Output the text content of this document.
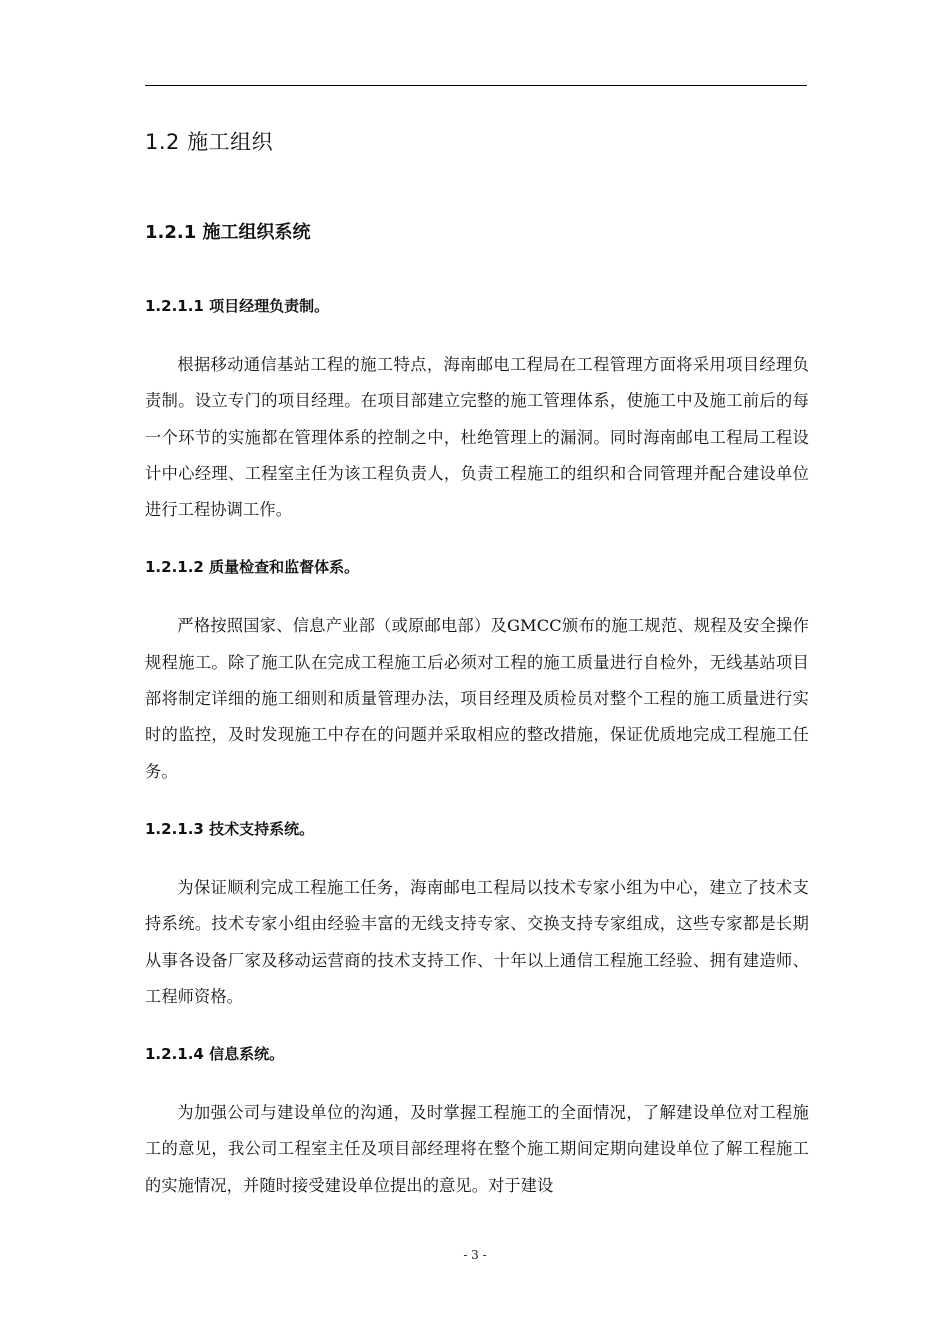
1.2 施工组织
1.2.1 施工组织系统
1.2.1.1 项目经理负责制。

根据移动通信基站工程的施工特点，海南邮电工程局在工程管理方面将采用项目经理负责制。设立专门的项目经理。在项目部建立完整的施工管理体系，使施工中及施工前后的每一个环节的实施都在管理体系的控制之中，杜绝管理上的漏洞。同时海南邮电工程局工程设计中心经理、工程室主任为该工程负责人，负责工程施工的组织和合同管理并配合建设单位进行工程协调工作。

1.2.1.2 质量检查和监督体系。

严格按照国家、信息产业部（或原邮电部）及GMCC颁布的施工规范、规程及安全操作规程施工。除了施工队在完成工程施工后必须对工程的施工质量进行自检外，无线基站项目部将制定详细的施工细则和质量管理办法，项目经理及质检员对整个工程的施工质量进行实时的监控，及时发现施工中存在的问题并采取相应的整改措施，保证优质地完成工程施工任务。

1.2.1.3 技术支持系统。

为保证顺利完成工程施工任务，海南邮电工程局以技术专家小组为中心，建立了技术支持系统。技术专家小组由经验丰富的无线支持专家、交换支持专家组成，这些专家都是长期从事各设备厂家及移动运营商的技术支持工作、十年以上通信工程施工经验、拥有建造师、工程师资格。

1.2.1.4 信息系统。

为加强公司与建设单位的沟通，及时掌握工程施工的全面情况，了解建设单位对工程施工的意见，我公司工程室主任及项目部经理将在整个施工期间定期向建设单位了解工程施工的实施情况，并随时接受建设单位提出的意见。对于建设

- 3 -
